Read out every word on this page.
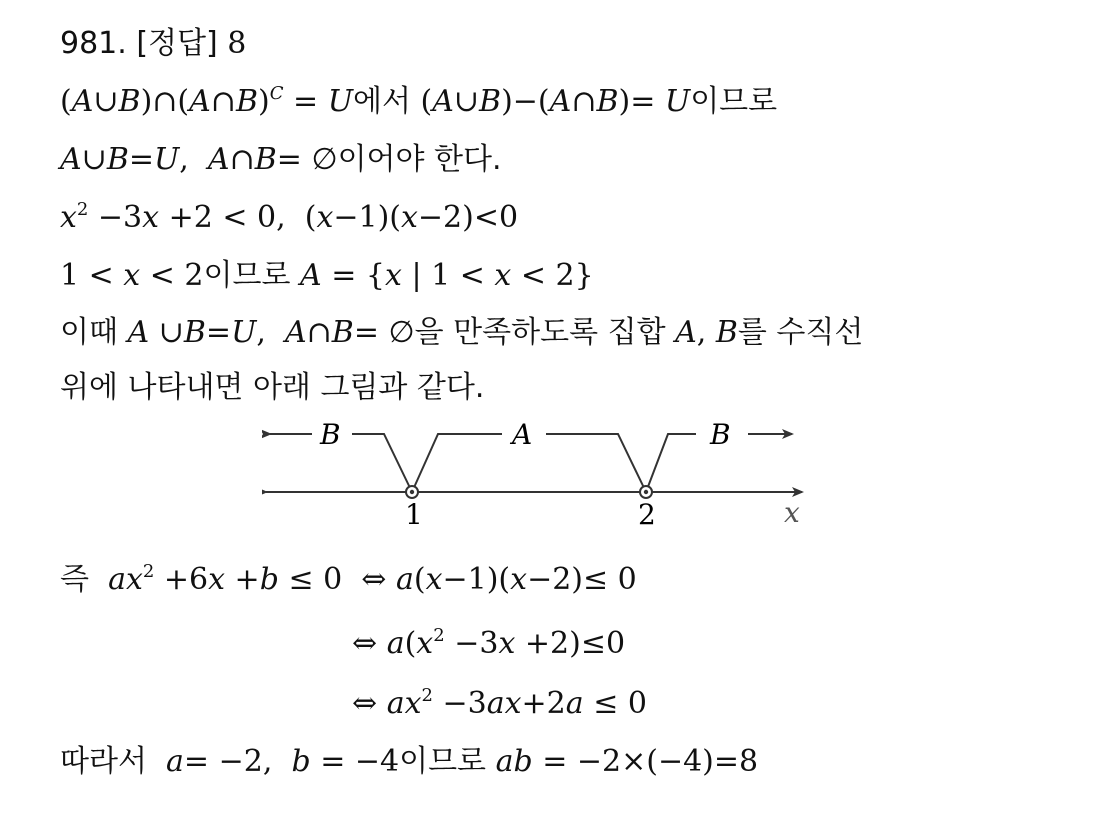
981. [정답] 8
(A∪B)∩(A∩B)$^C$ = U에서 (A∪B)−(A∩B)= U이므로
A∪B=U,  A∩B= ∅이어야 한다.
$x^2 -3x +2 < 0$,  (x−1)(x−2)<0
1 < x < 2이므로 A = {x | 1 < x < 2}
이때 A ∪B=U,  A∩B= ∅을 만족하도록 집합 A, B를 수직선
위에 나타내면 아래 그림과 같다.
B	A	B
1	2	x
즉  $ax^2 +6x +b \le 0$  ⇔ a(x−1)(x−2)≤ 0
⇔ $a(x^2 -3x +2)\le 0$
⇔ $ax^2 -3ax+2a \le 0$
따라서  a= −2,  b = −4이므로 ab = −2×(−4)=8
